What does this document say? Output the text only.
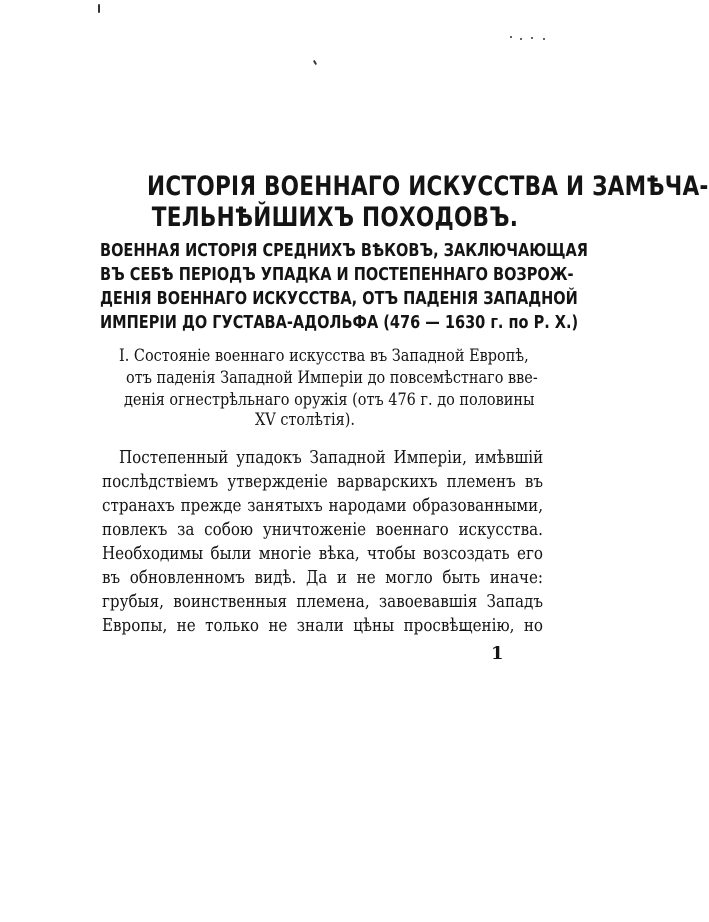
ИСТОРІЯ ВОЕННАГО ИСКУССТВА И ЗАМѢЧА-
ТЕЛЬНѢЙШИХЪ ПОХОДОВЪ.
ВОЕННАЯ ИСТОРІЯ СРЕДНИХЪ ВѢКОВЪ, ЗАКЛЮЧАЮЩАЯ
ВЪ СЕБѢ ПЕРІОДЪ УПАДКА И ПОСТЕПЕННАГО ВОЗРОЖ-
ДЕНІЯ ВОЕННАГО ИСКУССТВА, ОТЪ ПАДЕНІЯ ЗАПАДНОЙ
ИМПЕРІИ ДО ГУСТАВА-АДОЛЬФА (476 — 1630 г. по Р. Х.)
I. Состояніе военнаго искусства въ Западной Европѣ,
отъ паденія Западной Имперіи до повсемѣстнаго вве-
денія огнестрѣльнаго оружія (отъ 476 г. до половины
XV столѣтія).
Постепенный упадокъ Западной Имперіи, имѣвшій
послѣдствіемъ утвержденіе варварскихъ племенъ въ
странахъ прежде занятыхъ народами образованными,
повлекъ за собою уничтоженіе военнаго искусства.
Необходимы были многіе вѣка, чтобы возсоздать его
въ обновленномъ видѣ. Да и не могло быть иначе:
грубыя, воинственныя племена, завоевавшія Западъ
Европы, не только не знали цѣны просвѣщенію, но
1
